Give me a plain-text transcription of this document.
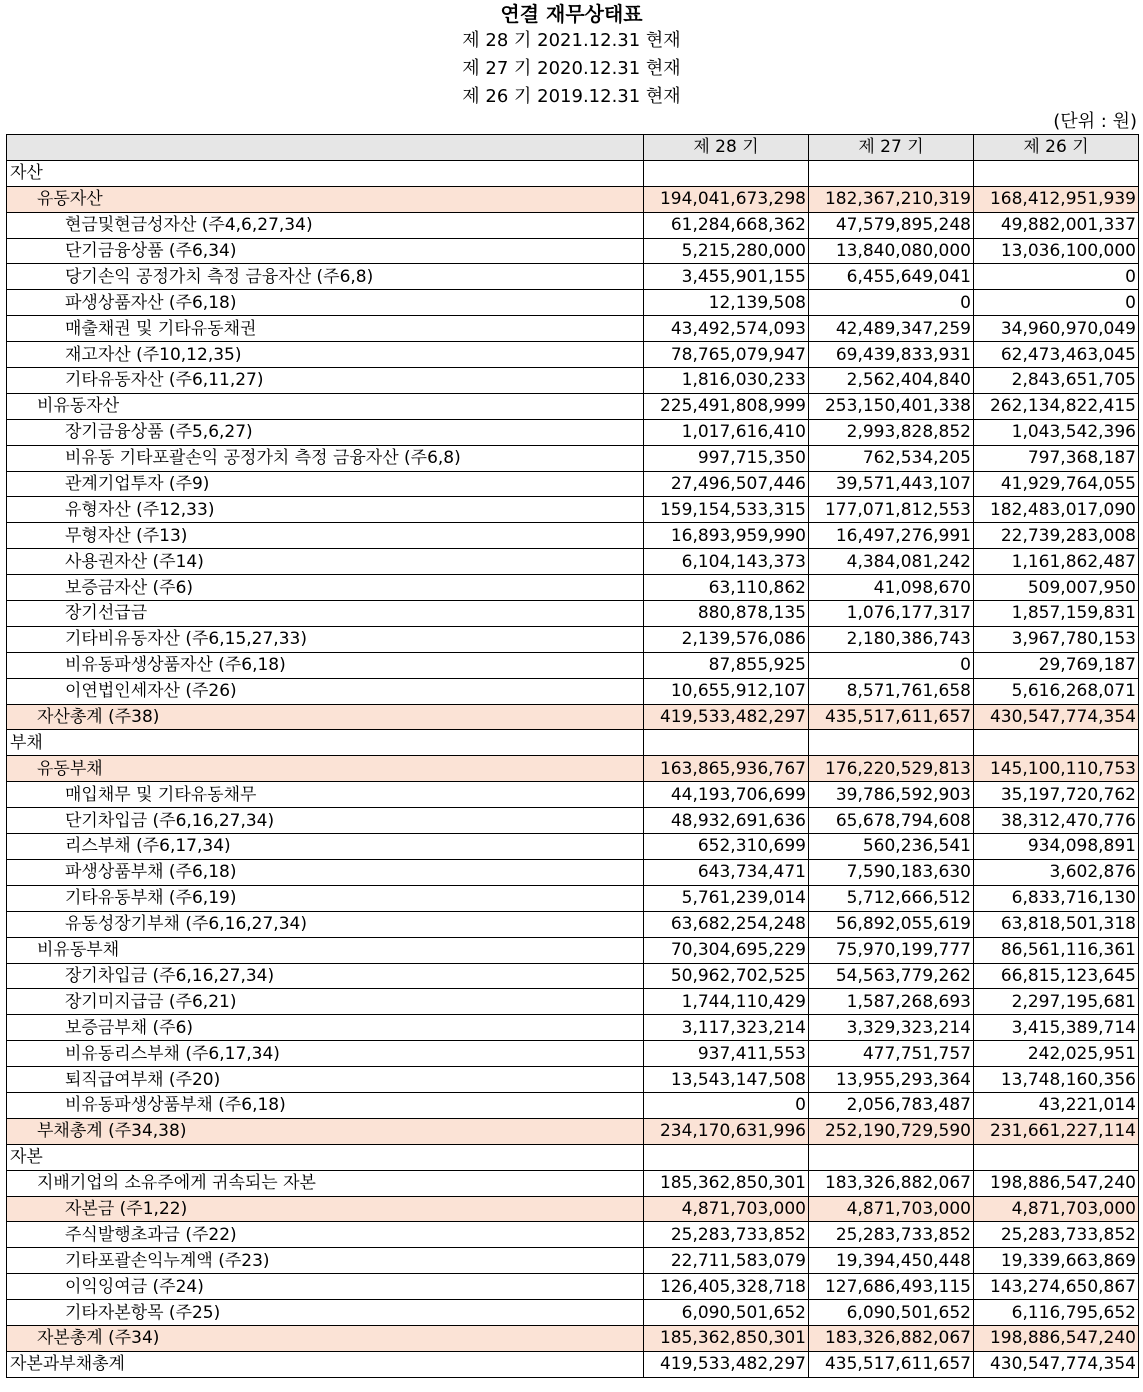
연결 재무상태표
제 28 기 2021.12.31 현재
제 27 기 2020.12.31 현재
제 26 기 2019.12.31 현재
(단위 : 원)
	제 28 기	제 27 기	제 26 기
자산			
유동자산	194,041,673,298	182,367,210,319	168,412,951,939
현금및현금성자산 (주4,6,27,34)	61,284,668,362	47,579,895,248	49,882,001,337
단기금융상품 (주6,34)	5,215,280,000	13,840,080,000	13,036,100,000
당기손익 공정가치 측정 금융자산 (주6,8)	3,455,901,155	6,455,649,041	0
파생상품자산 (주6,18)	12,139,508	0	0
매출채권 및 기타유동채권	43,492,574,093	42,489,347,259	34,960,970,049
재고자산 (주10,12,35)	78,765,079,947	69,439,833,931	62,473,463,045
기타유동자산 (주6,11,27)	1,816,030,233	2,562,404,840	2,843,651,705
비유동자산	225,491,808,999	253,150,401,338	262,134,822,415
장기금융상품 (주5,6,27)	1,017,616,410	2,993,828,852	1,043,542,396
비유동 기타포괄손익 공정가치 측정 금융자산 (주6,8)	997,715,350	762,534,205	797,368,187
관계기업투자 (주9)	27,496,507,446	39,571,443,107	41,929,764,055
유형자산 (주12,33)	159,154,533,315	177,071,812,553	182,483,017,090
무형자산 (주13)	16,893,959,990	16,497,276,991	22,739,283,008
사용권자산 (주14)	6,104,143,373	4,384,081,242	1,161,862,487
보증금자산 (주6)	63,110,862	41,098,670	509,007,950
장기선급금	880,878,135	1,076,177,317	1,857,159,831
기타비유동자산 (주6,15,27,33)	2,139,576,086	2,180,386,743	3,967,780,153
비유동파생상품자산 (주6,18)	87,855,925	0	29,769,187
이연법인세자산 (주26)	10,655,912,107	8,571,761,658	5,616,268,071
자산총계 (주38)	419,533,482,297	435,517,611,657	430,547,774,354
부채			
유동부채	163,865,936,767	176,220,529,813	145,100,110,753
매입채무 및 기타유동채무	44,193,706,699	39,786,592,903	35,197,720,762
단기차입금 (주6,16,27,34)	48,932,691,636	65,678,794,608	38,312,470,776
리스부채 (주6,17,34)	652,310,699	560,236,541	934,098,891
파생상품부채 (주6,18)	643,734,471	7,590,183,630	3,602,876
기타유동부채 (주6,19)	5,761,239,014	5,712,666,512	6,833,716,130
유동성장기부채 (주6,16,27,34)	63,682,254,248	56,892,055,619	63,818,501,318
비유동부채	70,304,695,229	75,970,199,777	86,561,116,361
장기차입금 (주6,16,27,34)	50,962,702,525	54,563,779,262	66,815,123,645
장기미지급금 (주6,21)	1,744,110,429	1,587,268,693	2,297,195,681
보증금부채 (주6)	3,117,323,214	3,329,323,214	3,415,389,714
비유동리스부채 (주6,17,34)	937,411,553	477,751,757	242,025,951
퇴직급여부채 (주20)	13,543,147,508	13,955,293,364	13,748,160,356
비유동파생상품부채 (주6,18)	0	2,056,783,487	43,221,014
부채총계 (주34,38)	234,170,631,996	252,190,729,590	231,661,227,114
자본			
지배기업의 소유주에게 귀속되는 자본	185,362,850,301	183,326,882,067	198,886,547,240
자본금 (주1,22)	4,871,703,000	4,871,703,000	4,871,703,000
주식발행초과금 (주22)	25,283,733,852	25,283,733,852	25,283,733,852
기타포괄손익누계액 (주23)	22,711,583,079	19,394,450,448	19,339,663,869
이익잉여금 (주24)	126,405,328,718	127,686,493,115	143,274,650,867
기타자본항목 (주25)	6,090,501,652	6,090,501,652	6,116,795,652
자본총계 (주34)	185,362,850,301	183,326,882,067	198,886,547,240
자본과부채총계	419,533,482,297	435,517,611,657	430,547,774,354
